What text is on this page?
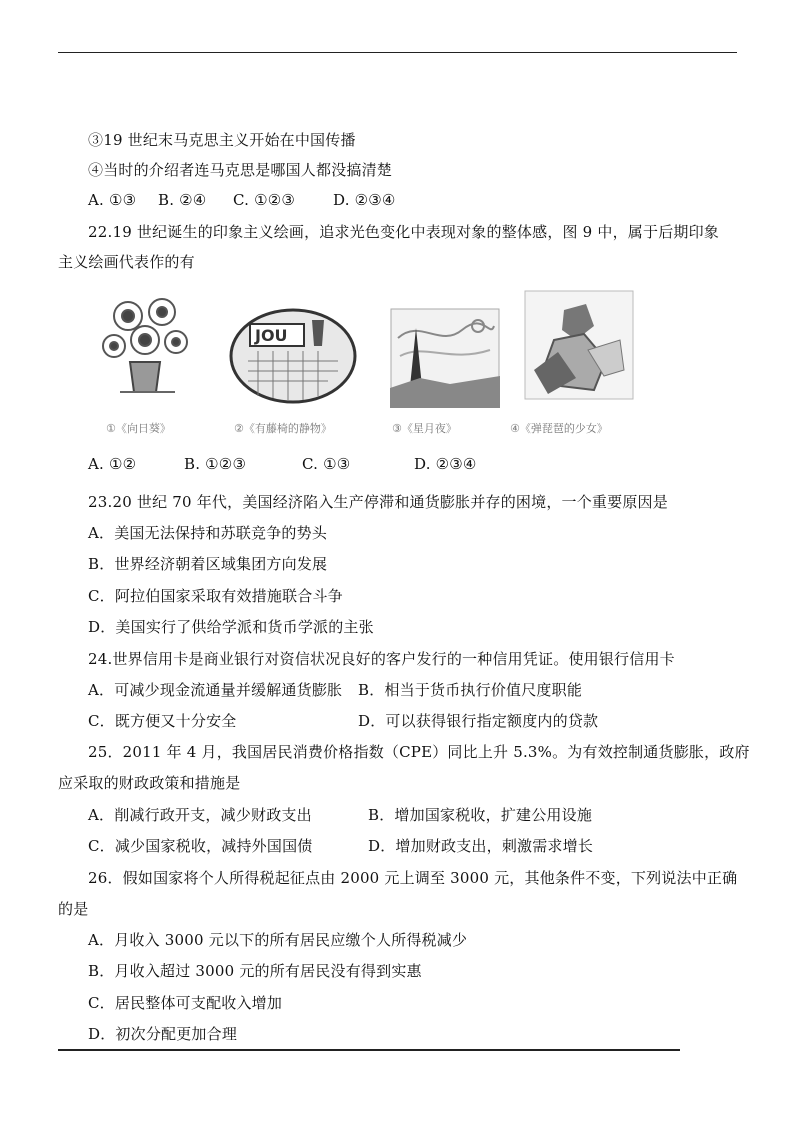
③19 世纪末马克思主义开始在中国传播
④当时的介绍者连马克思是哪国人都没搞清楚
A. ①③ B. ②④ C. ①②③	D. ②③④
22.19 世纪诞生的印象主义绘画，追求光色变化中表现对象的整体感，图 9 中，属于后期印象
主义绘画代表作的有
①《向日葵》
JOU
②《有藤椅的静物》	③《星月夜》	④《弹琵琶的少女》
A. ①②	B. ①②③	C. ①③	D. ②③④
23.20 世纪 70 年代，美国经济陷入生产停滞和通货膨胀并存的困境，一个重要原因是
A．美国无法保持和苏联竞争的势头
B．世界经济朝着区域集团方向发展
C．阿拉伯国家采取有效措施联合斗争
D．美国实行了供给学派和货币学派的主张
24.世界信用卡是商业银行对资信状况良好的客户发行的一种信用凭证。使用银行信用卡
A．可减少现金流通量并缓解通货膨胀 B．相当于货币执行价值尺度职能
C．既方便又十分安全	D．可以获得银行指定额度内的贷款
25．2011 年 4 月，我国居民消费价格指数（CPE）同比上升 5.3%。为有效控制通货膨胀，政府
应采取的财政政策和措施是
A．削减行政开支，减少财政支出	B．增加国家税收，扩建公用设施
C．减少国家税收，减持外国国债	D．增加财政支出，刺激需求增长
26．假如国家将个人所得税起征点由 2000 元上调至 3000 元，其他条件不变，下列说法中正确
的是
A．月收入 3000 元以下的所有居民应缴个人所得税减少
B．月收入超过 3000 元的所有居民没有得到实惠
C．居民整体可支配收入增加
D．初次分配更加合理
